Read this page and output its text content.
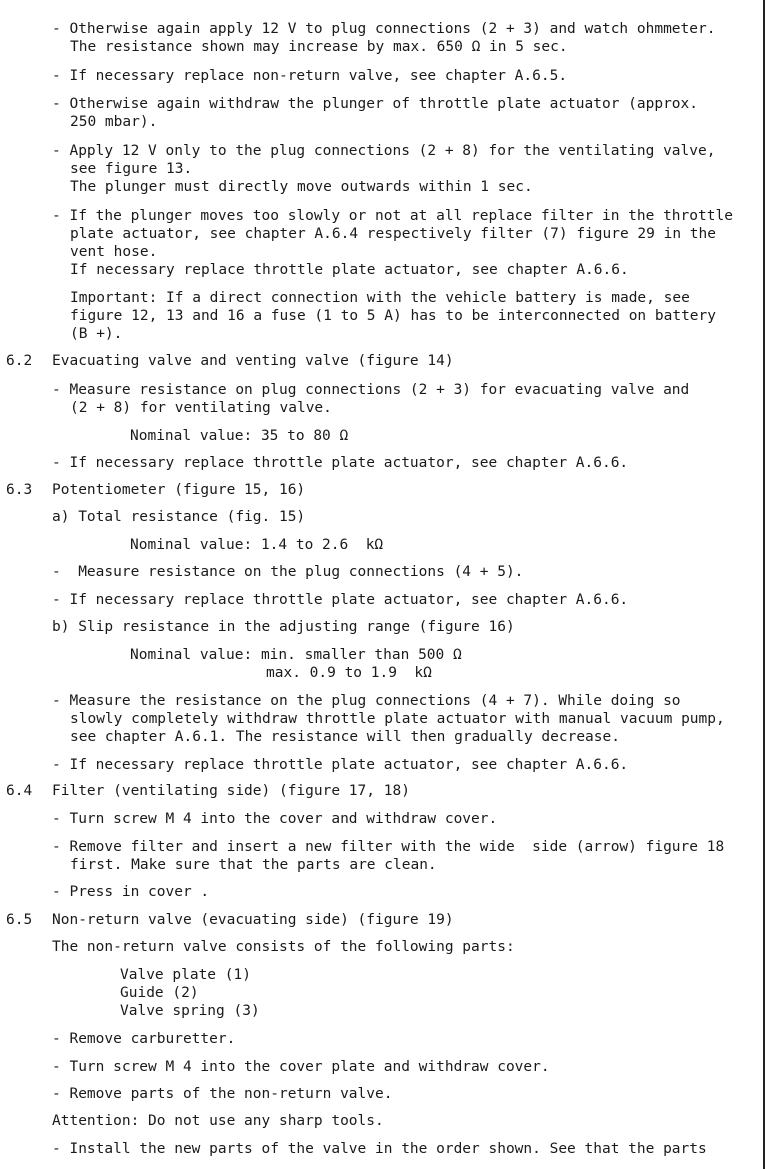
- Otherwise again apply 12 V to plug connections (2 + 3) and watch ohmmeter.
The resistance shown may increase by max. 650 Ω in 5 sec.
- If necessary replace non-return valve, see chapter A.6.5.
- Otherwise again withdraw the plunger of throttle plate actuator (approx.
250 mbar).
- Apply 12 V only to the plug connections (2 + 8) for the ventilating valve,
see figure 13.
The plunger must directly move outwards within 1 sec.
- If the plunger moves too slowly or not at all replace filter in the throttle
plate actuator, see chapter A.6.4 respectively filter (7) figure 29 in the
vent hose.
If necessary replace throttle plate actuator, see chapter A.6.6.
Important: If a direct connection with the vehicle battery is made, see
figure 12, 13 and 16 a fuse (1 to 5 A) has to be interconnected on battery
(B +).
6.2 Evacuating valve and venting valve (figure 14)
- Measure resistance on plug connections (2 + 3) for evacuating valve and
(2 + 8) for ventilating valve.
Nominal value: 35 to 80 Ω
- If necessary replace throttle plate actuator, see chapter A.6.6.
6.3 Potentiometer (figure 15, 16)
a) Total resistance (fig. 15)
Nominal value: 1.4 to 2.6  kΩ
-  Measure resistance on the plug connections (4 + 5).
- If necessary replace throttle plate actuator, see chapter A.6.6.
b) Slip resistance in the adjusting range (figure 16)
Nominal value: min. smaller than 500 Ω
max. 0.9 to 1.9  kΩ
- Measure the resistance on the plug connections (4 + 7). While doing so
slowly completely withdraw throttle plate actuator with manual vacuum pump,
see chapter A.6.1. The resistance will then gradually decrease.
- If necessary replace throttle plate actuator, see chapter A.6.6.
6.4 Filter (ventilating side) (figure 17, 18)
- Turn screw M 4 into the cover and withdraw cover.
- Remove filter and insert a new filter with the wide  side (arrow) figure 18
first. Make sure that the parts are clean.
- Press in cover .
6.5 Non-return valve (evacuating side) (figure 19)
The non-return valve consists of the following parts:
Valve plate (1)
Guide (2)
Valve spring (3)
- Remove carburetter.
- Turn screw M 4 into the cover plate and withdraw cover.
- Remove parts of the non-return valve.
Attention: Do not use any sharp tools.
- Install the new parts of the valve in the order shown. See that the parts
